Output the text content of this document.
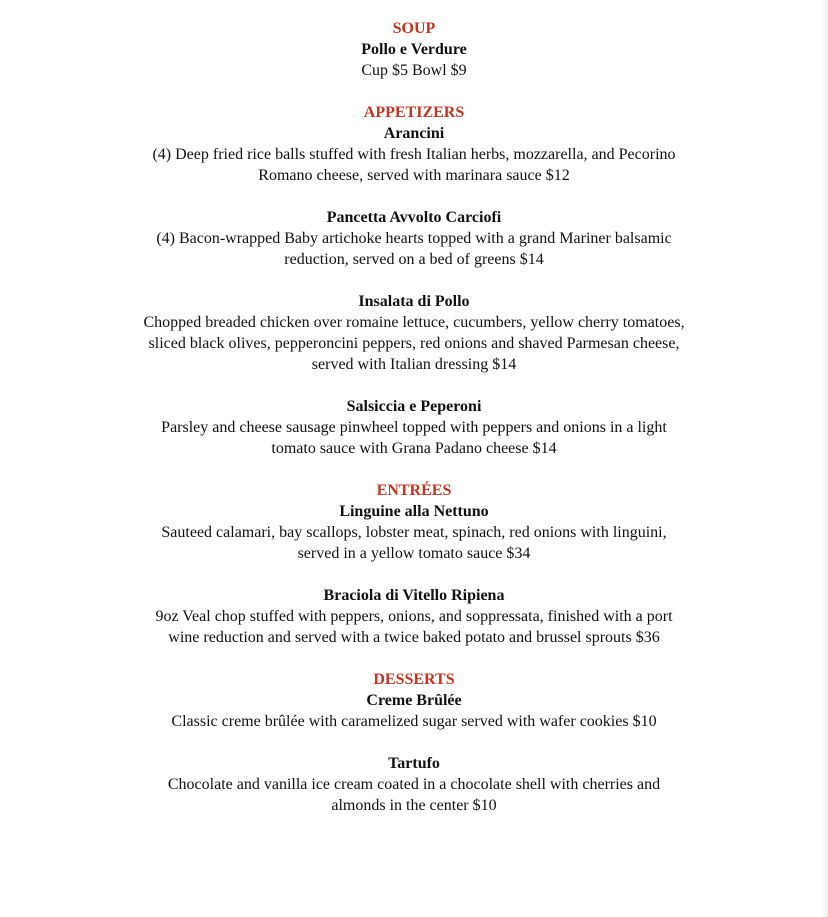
SOUP

Pollo e Verdure

Cup $5 Bowl $9

APPETIZERS

Arancini

(4) Deep fried rice balls stuffed with fresh Italian herbs, mozzarella, and Pecorino

Romano cheese, served with marinara sauce $12

Pancetta Avvolto Carciofi

(4) Bacon-wrapped Baby artichoke hearts topped with a grand Mariner balsamic

reduction, served on a bed of greens $14

Insalata di Pollo

Chopped breaded chicken over romaine lettuce, cucumbers, yellow cherry tomatoes,

sliced black olives, pepperoncini peppers, red onions and shaved Parmesan cheese,

served with Italian dressing $14

Salsiccia e Peperoni

Parsley and cheese sausage pinwheel topped with peppers and onions in a light

tomato sauce with Grana Padano cheese $14

ENTRÉES

Linguine alla Nettuno

Sauteed calamari, bay scallops, lobster meat, spinach, red onions with linguini,

served in a yellow tomato sauce $34

Braciola di Vitello Ripiena

9oz Veal chop stuffed with peppers, onions, and soppressata, finished with a port

wine reduction and served with a twice baked potato and brussel sprouts $36

DESSERTS

Creme Brûlée

Classic creme brûlée with caramelized sugar served with wafer cookies $10

Tartufo

Chocolate and vanilla ice cream coated in a chocolate shell with cherries and

almonds in the center $10
